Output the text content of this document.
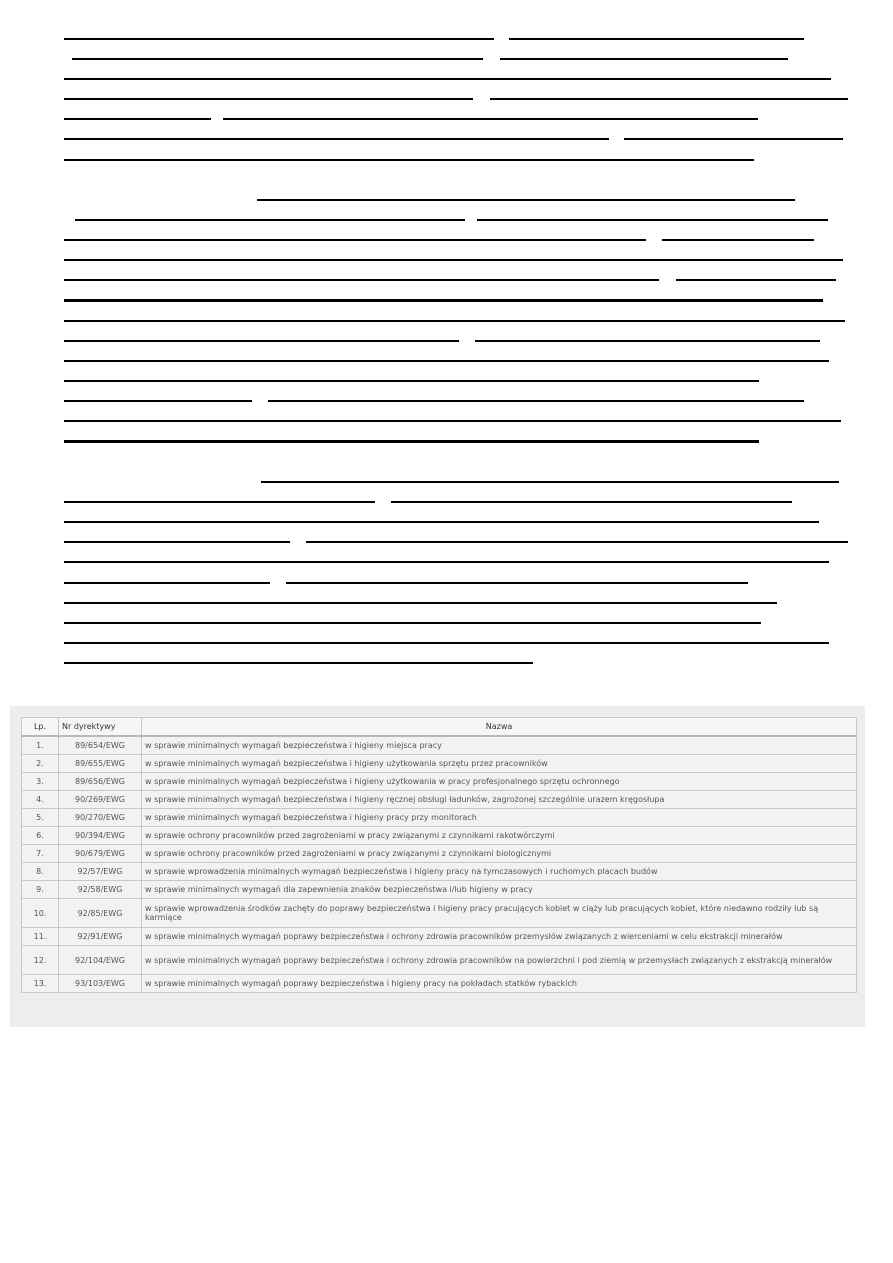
Lp.	Nr dyrektywy	Nazwa
1.	89/654/EWG	w sprawie minimalnych wymagań bezpieczeństwa i higieny miejsca pracy
2.	89/655/EWG	w sprawie minimalnych wymagań bezpieczeństwa i higieny użytkowania sprzętu przez pracowników
3.	89/656/EWG	w sprawie minimalnych wymagań bezpieczeństwa i higieny użytkowania w pracy profesjonalnego sprzętu ochronnego
4.	90/269/EWG	w sprawie minimalnych wymagań bezpieczeństwa i higieny ręcznej obsługi ładunków, zagrożonej szczególnie urazem kręgosłupa
5.	90/270/EWG	w sprawie minimalnych wymagań bezpieczeństwa i higieny pracy przy monitorach
6.	90/394/EWG	w sprawie ochrony pracowników przed zagrożeniami w pracy związanymi z czynnikami rakotwórczymi
7.	90/679/EWG	w sprawie ochrony pracowników przed zagrożeniami w pracy związanymi z czynnikami biologicznymi
8.	92/57/EWG	w sprawie wprowadzenia minimalnych wymagań bezpieczeństwa i higieny pracy na tymczasowych i ruchomych placach budów
9.	92/58/EWG	w sprawie minimalnych wymagań dla zapewnienia znaków bezpieczeństwa i/lub higieny w pracy
10.	92/85/EWG	w sprawie wprowadzenia środków zachęty do poprawy bezpieczeństwa i higieny pracy pracujących kobiet w ciąży lub pracujących kobiet, które niedawno rodziły lub są karmiące
11.	92/91/EWG	w sprawie minimalnych wymagań poprawy bezpieczeństwa i ochrony zdrowia pracowników przemysłów związanych z wierceniami w celu ekstrakcji minerałów
12.	92/104/EWG	w sprawie minimalnych wymagań poprawy bezpieczeństwa i ochrony zdrowia pracowników na powierzchni i pod ziemią w przemysłach związanych z ekstrakcją minerałów
13.	93/103/EWG	w sprawie minimalnych wymagań poprawy bezpieczeństwa i higieny pracy na pokładach statków rybackich
